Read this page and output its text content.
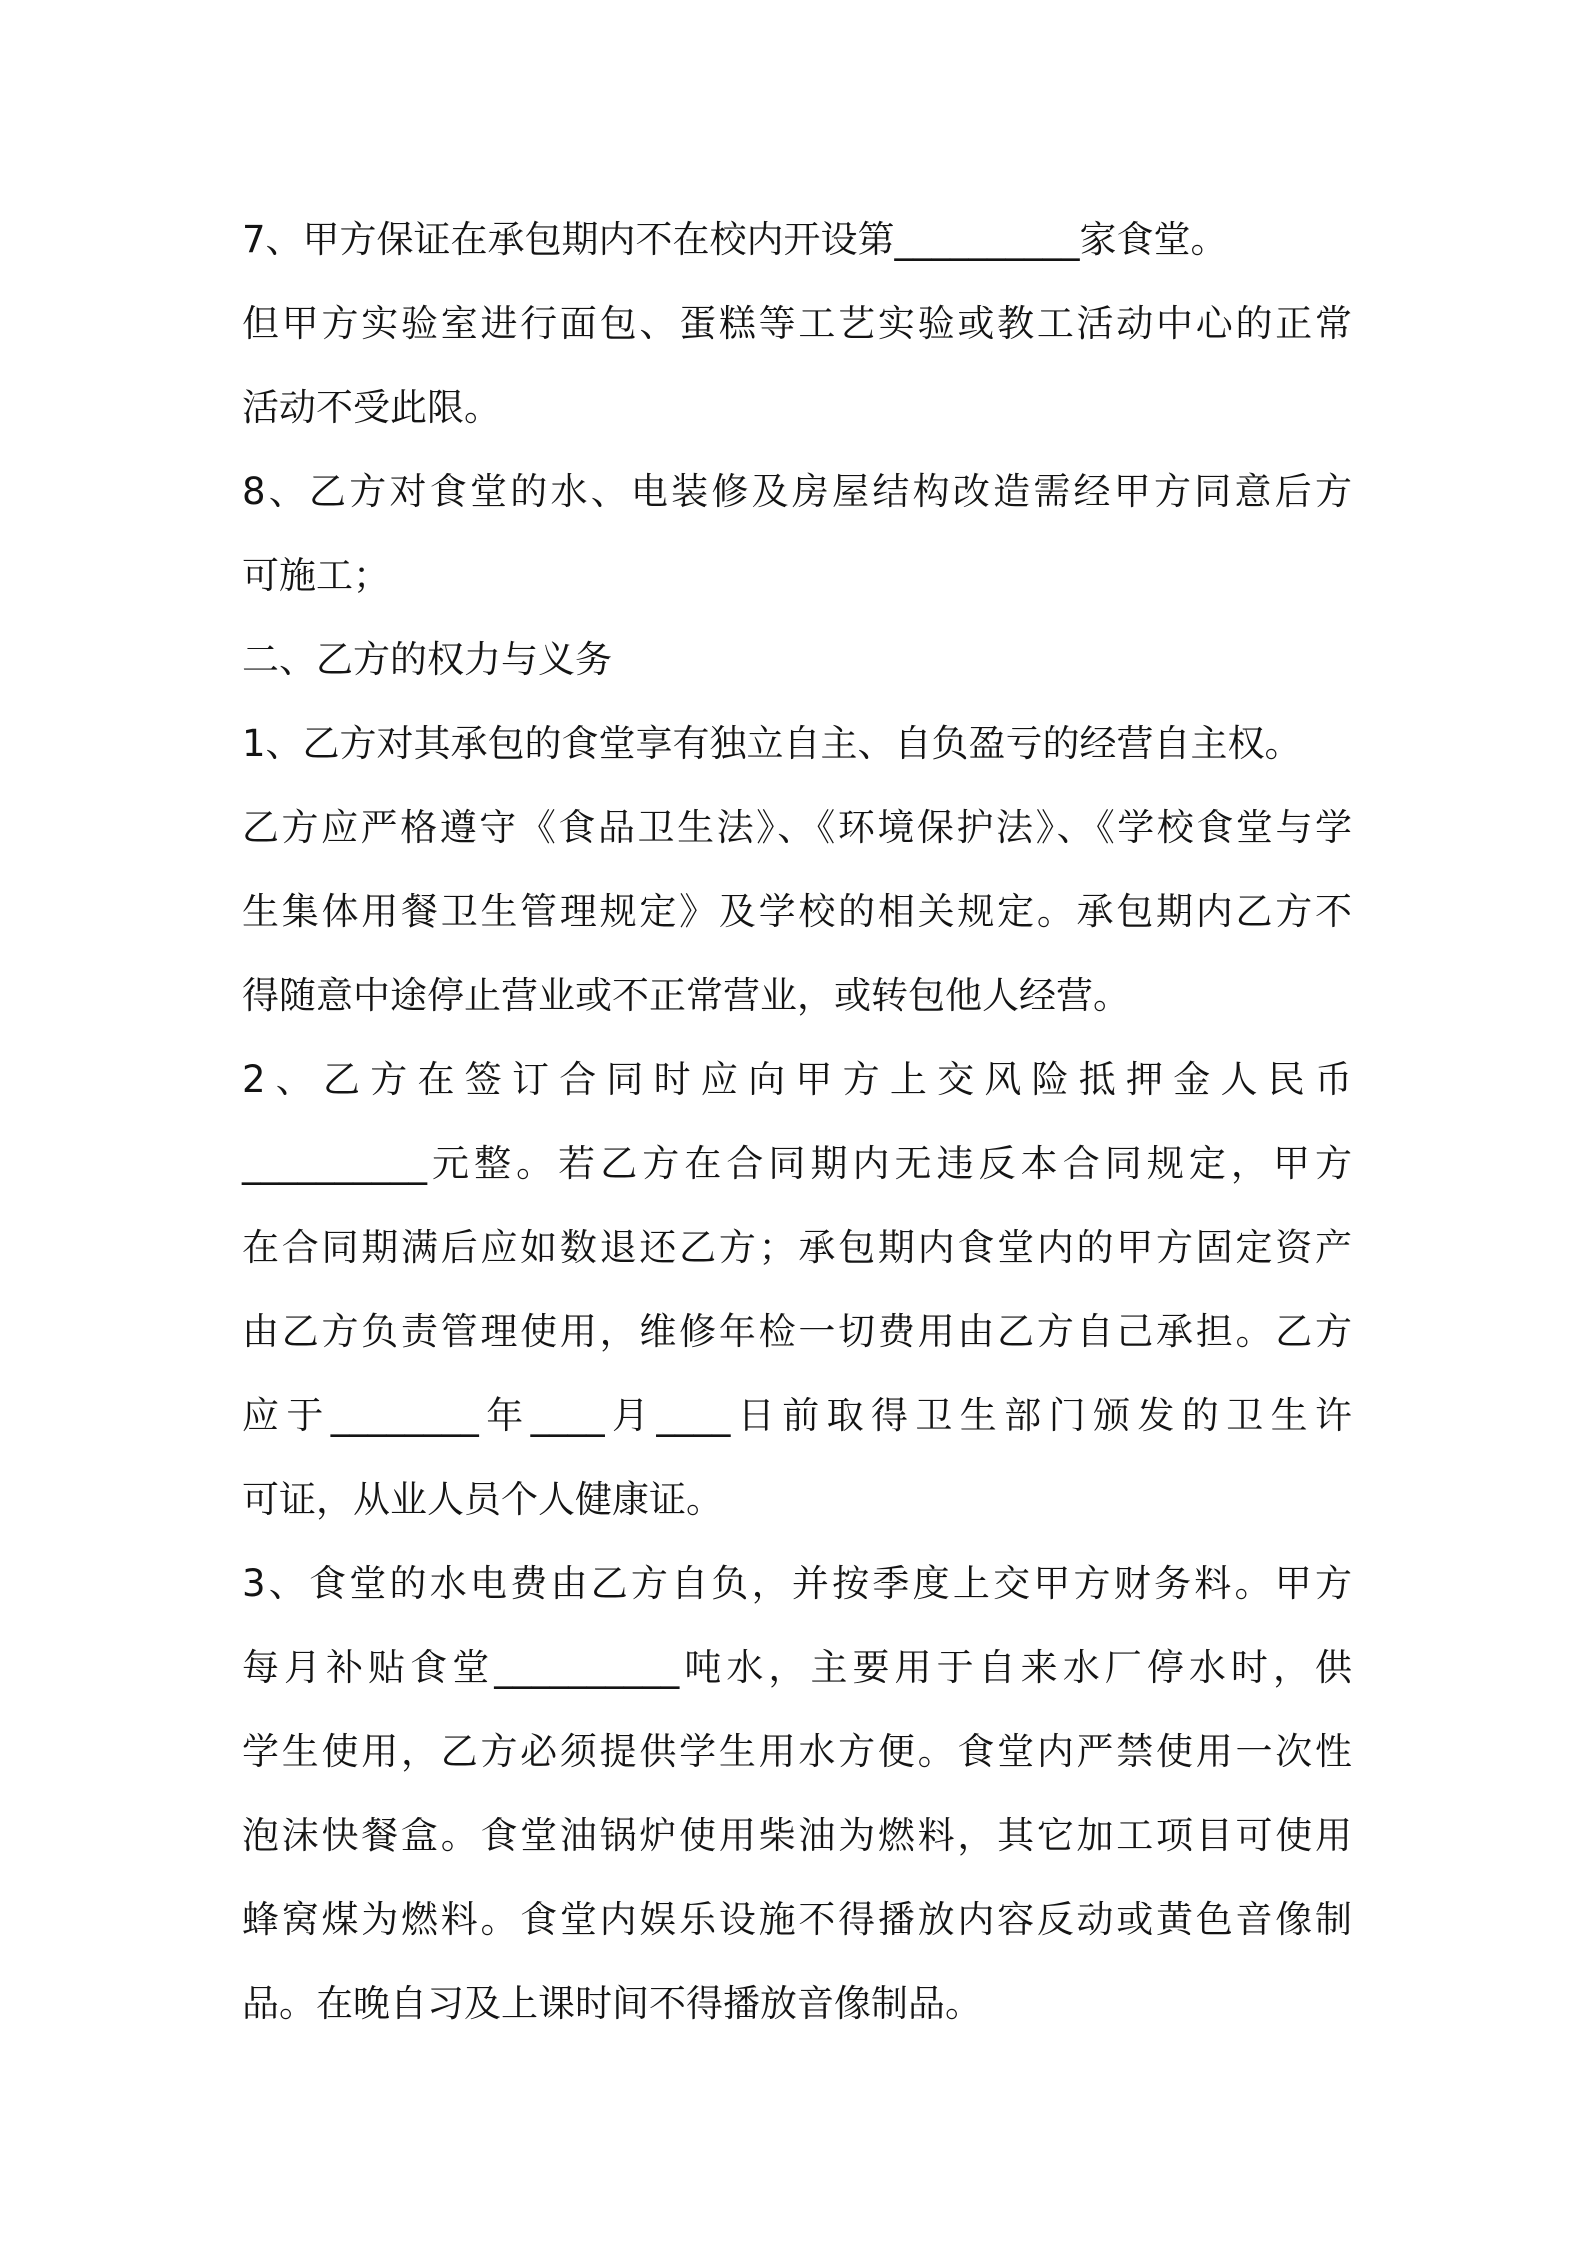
7、甲方保证在承包期内不在校内开设第__________家食堂。
但甲方实验室进行面包、蛋糕等工艺实验或教工活动中心的正常
活动不受此限。
8、乙方对食堂的水、电装修及房屋结构改造需经甲方同意后方
可施工；
二、乙方的权力与义务
1、乙方对其承包的食堂享有独立自主、自负盈亏的经营自主权。
乙方应严格遵守《食品卫生法》、《环境保护法》、《学校食堂与学
生集体用餐卫生管理规定》及学校的相关规定。承包期内乙方不
得随意中途停止营业或不正常营业，或转包他人经营。
2、乙方在签订合同时应向甲方上交风险抵押金人民币
__________元整。若乙方在合同期内无违反本合同规定，甲方
在合同期满后应如数退还乙方；承包期内食堂内的甲方固定资产
由乙方负责管理使用，维修年检一切费用由乙方自己承担。乙方
应于________年____月____日前取得卫生部门颁发的卫生许
可证，从业人员个人健康证。
3、食堂的水电费由乙方自负，并按季度上交甲方财务料。甲方
每月补贴食堂__________吨水，主要用于自来水厂停水时，供
学生使用，乙方必须提供学生用水方便。食堂内严禁使用一次性
泡沫快餐盒。食堂油锅炉使用柴油为燃料，其它加工项目可使用
蜂窝煤为燃料。食堂内娱乐设施不得播放内容反动或黄色音像制
品。在晚自习及上课时间不得播放音像制品。
